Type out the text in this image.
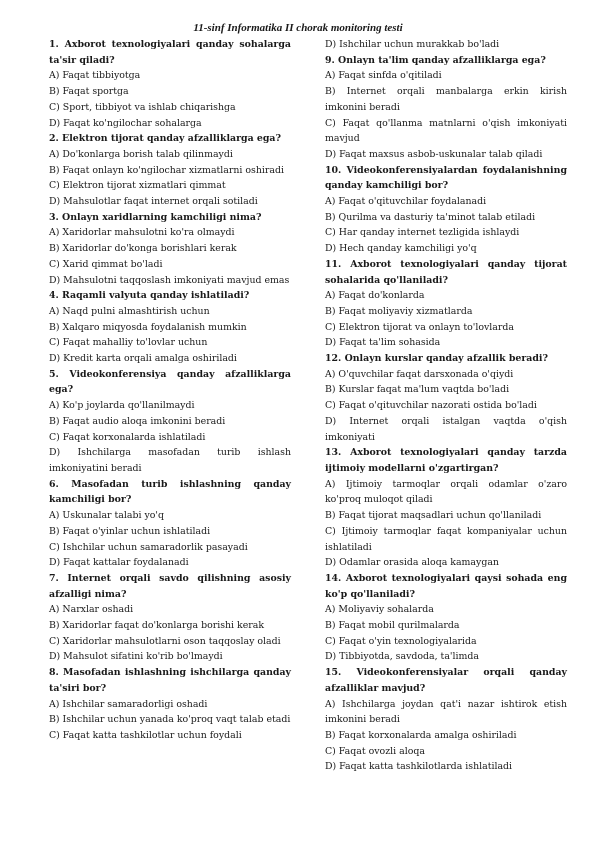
11-sinf Informatika II chorak monitoring testi
1. Axborot texnologiyalari qanday sohalarga ta'sir qiladi?
A) Faqat tibbiyotga
B) Faqat sportga
C) Sport, tibbiyot va ishlab chiqarishga
D) Faqat ko'ngilochar sohalarga
2. Elektron tijorat qanday afzalliklarga ega?
A) Do'konlarga borish talab qilinmaydi
B) Faqat onlayn ko'ngilochar xizmatlarni oshiradi
C) Elektron tijorat xizmatlari qimmat
D) Mahsulotlar faqat internet orqali sotiladi
3. Onlayn xaridlarning kamchiligi nima?
A) Xaridorlar mahsulotni ko'ra olmaydi
B) Xaridorlar do'konga borishlari kerak
C) Xarid qimmat bo'ladi
D) Mahsulotni taqqoslash imkoniyati mavjud emas
4. Raqamli valyuta qanday ishlatiladi?
A) Naqd pulni almashtirish uchun
B) Xalqaro miqyosda foydalanish mumkin
C) Faqat mahalliy to'lovlar uchun
D) Kredit karta orqali amalga oshiriladi
5. Videokonferensiya qanday afzalliklarga ega?
A) Ko'p joylarda qo'llanilmaydi
B) Faqat audio aloqa imkonini beradi
C) Faqat korxonalarda ishlatiladi
D) Ishchilarga masofadan turib ishlash imkoniyatini beradi
6. Masofadan turib ishlashning qanday kamchiligi bor?
A) Uskunalar talabi yo'q
B) Faqat o'yinlar uchun ishlatiladi
C) Ishchilar uchun samaradorlik pasayadi
D) Faqat kattalar foydalanadi
7. Internet orqali savdo qilishning asosiy afzalligi nima?
A) Narxlar oshadi
B) Xaridorlar faqat do'konlarga borishi kerak
C) Xaridorlar mahsulotlarni oson taqqoslay oladi
D) Mahsulot sifatini ko'rib bo'lmaydi
8. Masofadan ishlashning ishchilarga qanday ta'siri bor?
A) Ishchilar samaradorligi oshadi
B) Ishchilar uchun yanada ko'proq vaqt talab etadi
C) Faqat katta tashkilotlar uchun foydali
D) Ishchilar uchun murakkab bo'ladi
9. Onlayn ta'lim qanday afzalliklarga ega?
A) Faqat sinfda o'qitiladi
B) Internet orqali manbalarga erkin kirish imkonini beradi
C) Faqat qo'llanma matnlarni o'qish imkoniyati mavjud
D) Faqat maxsus asbob-uskunalar talab qiladi
10. Videokonferensiyalardan foydalanishning qanday kamchiligi bor?
A) Faqat o'qituvchilar foydalanadi
B) Qurilma va dasturiy ta'minot talab etiladi
C) Har qanday internet tezligida ishlaydi
D) Hech qanday kamchiligi yo'q
11. Axborot texnologiyalari qanday tijorat sohalarida qo'llaniladi?
A) Faqat do'konlarda
B) Faqat moliyaviy xizmatlarda
C) Elektron tijorat va onlayn to'lovlarda
D) Faqat ta'lim sohasida
12. Onlayn kurslar qanday afzallik beradi?
A) O'quvchilar faqat darsxonada o'qiydi
B) Kurslar faqat ma'lum vaqtda bo'ladi
C) Faqat o'qituvchilar nazorati ostida bo'ladi
D) Internet orqali istalgan vaqtda o'qish imkoniyati
13. Axborot texnologiyalari qanday tarzda ijtimoiy modellarni o'zgartirgan?
A) Ijtimoiy tarmoqlar orqali odamlar o'zaro ko'proq muloqot qiladi
B) Faqat tijorat maqsadlari uchun qo'llaniladi
C) Ijtimoiy tarmoqlar faqat kompaniyalar uchun ishlatiladi
D) Odamlar orasida aloqa kamaygan
14. Axborot texnologiyalari qaysi sohada eng ko'p qo'llaniladi?
A) Moliyaviy sohalarda
B) Faqat mobil qurilmalarda
C) Faqat o'yin texnologiyalarida
D) Tibbiyotda, savdoda, ta'limda
15. Videokonferensiyalar orqali qanday afzalliklar mavjud?
A) Ishchilarga joydan qat'i nazar ishtirok etish imkonini beradi
B) Faqat korxonalarda amalga oshiriladi
C) Faqat ovozli aloqa
D) Faqat katta tashkilotlarda ishlatiladi
